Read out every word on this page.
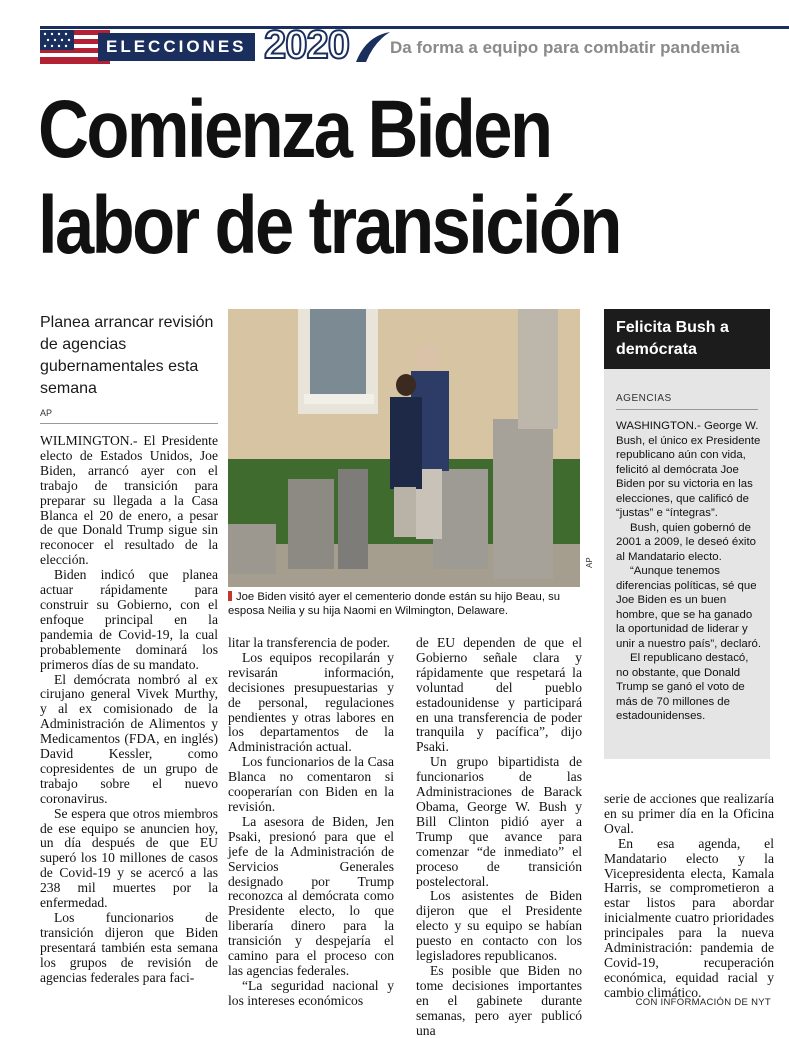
ELECCIONES 2020 Da forma a equipo para combatir pandemia
Comienza Biden
labor de transición
Planea arrancar revisión de agencias gubernamentales esta semana
AP

WILMINGTON.- El Presidente electo de Estados Unidos, Joe Biden, arrancó ayer con el trabajo de transición para preparar su llegada a la Casa Blanca el 20 de enero, a pesar de que Donald Trump sigue sin reconocer el resultado de la elección.

Biden indicó que planea actuar rápidamente para construir su Gobierno, con el enfoque principal en la pandemia de Covid-19, la cual probablemente dominará los primeros días de su mandato.

El demócrata nombró al ex cirujano general Vivek Murthy, y al ex comisionado de la Administración de Alimentos y Medicamentos (FDA, en inglés) David Kessler, como copresidentes de un grupo de trabajo sobre el nuevo coronavirus.

Se espera que otros miembros de ese equipo se anuncien hoy, un día después de que EU superó los 10 millones de casos de Covid-19 y se acercó a las 238 mil muertes por la enfermedad.

Los funcionarios de transición dijeron que Biden presentará también esta semana los grupos de revisión de agencias federales para faci-

AP
Joe Biden visitó ayer el cementerio donde están su hijo Beau, su esposa Neilia y su hija Naomi en Wilmington, Delaware.

litar la transferencia de poder.

Los equipos recopilarán y revisarán información, decisiones presupuestarias y de personal, regulaciones pendientes y otras labores en los departamentos de la Administración actual.

Los funcionarios de la Casa Blanca no comentaron si cooperarían con Biden en la revisión.

La asesora de Biden, Jen Psaki, presionó para que el jefe de la Administración de Servicios Generales designado por Trump reconozca al demócrata como Presidente electo, lo que liberaría dinero para la transición y despejaría el camino para el proceso con las agencias federales.

“La seguridad nacional y los intereses económicos

de EU dependen de que el Gobierno señale clara y rápidamente que respetará la voluntad del pueblo estadounidense y participará en una transferencia de poder tranquila y pacífica”, dijo Psaki.

Un grupo bipartidista de funcionarios de las Administraciones de Barack Obama, George W. Bush y Bill Clinton pidió ayer a Trump que avance para comenzar “de inmediato” el proceso de transición postelectoral.

Los asistentes de Biden dijeron que el Presidente electo y su equipo se habían puesto en contacto con los legisladores republicanos.

Es posible que Biden no tome decisiones importantes en el gabinete durante semanas, pero ayer publicó una

Felicita Bush a demócrata
AGENCIAS

WASHINGTON.- George W. Bush, el único ex Presidente republicano aún con vida, felicitó al demócrata Joe Biden por su victoria en las elecciones, que calificó de “justas” e “íntegras”.

Bush, quien gobernó de 2001 a 2009, le deseó éxito al Mandatario electo.

“Aunque tenemos diferencias políticas, sé que Joe Biden es un buen hombre, que se ha ganado la oportunidad de liderar y unir a nuestro país”, declaró.

El republicano destacó, no obstante, que Donald Trump se ganó el voto de más de 70 millones de estadounidenses.

serie de acciones que realizaría en su primer día en la Oficina Oval.

En esa agenda, el Mandatario electo y la Vicepresidenta electa, Kamala Harris, se comprometieron a estar listos para abordar inicialmente cuatro prioridades principales para la nueva Administración: pandemia de Covid-19, recuperación económica, equidad racial y cambio climático.

CON INFORMACIÓN DE NYT
